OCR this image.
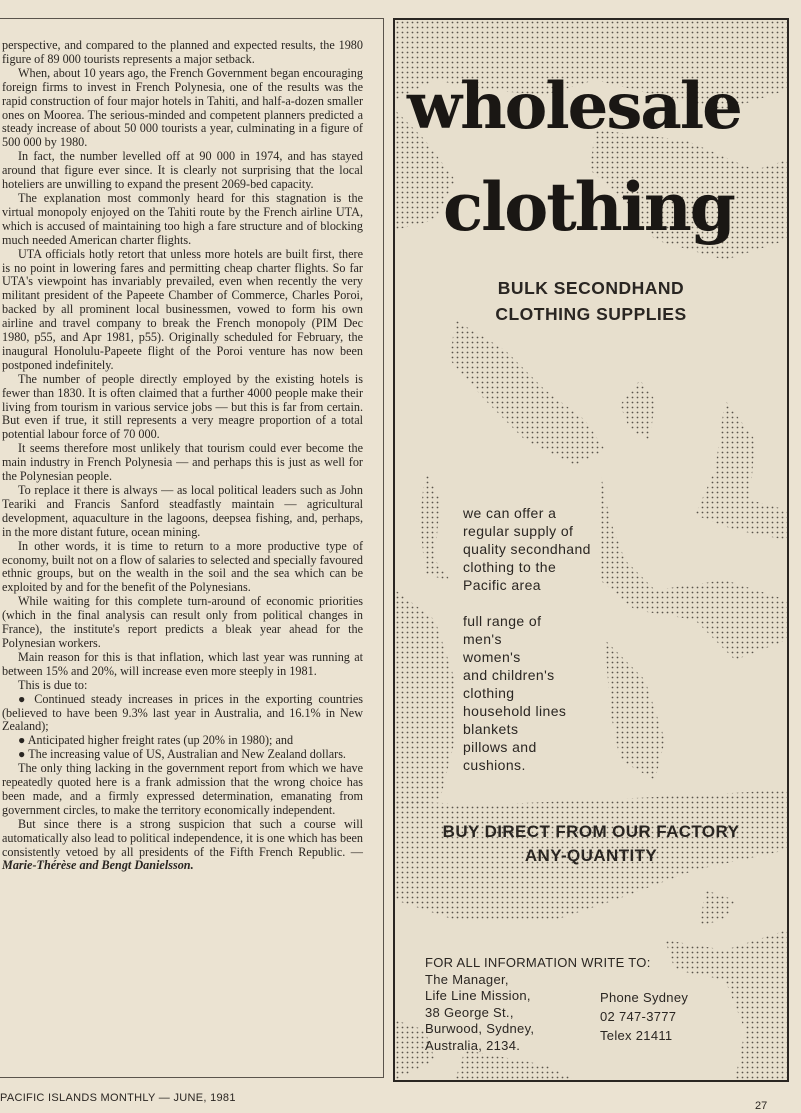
perspective, and compared to the planned and expected results, the 1980 figure of 89 000 tourists represents a major setback.

When, about 10 years ago, the French Government began encouraging foreign firms to invest in French Polynesia, one of the results was the rapid construction of four major hotels in Tahiti, and half-a-dozen smaller ones on Moorea. The serious-minded and competent planners predicted a steady increase of about 50 000 tourists a year, culminating in a figure of 500 000 by 1980.

In fact, the number levelled off at 90 000 in 1974, and has stayed around that figure ever since. It is clearly not surprising that the local hoteliers are unwilling to expand the present 2069-bed capacity.

The explanation most commonly heard for this stagnation is the virtual monopoly enjoyed on the Tahiti route by the French airline UTA, which is accused of maintaining too high a fare structure and of blocking much needed American charter flights.

UTA officials hotly retort that unless more hotels are built first, there is no point in lowering fares and permitting cheap charter flights. So far UTA's viewpoint has invariably prevailed, even when recently the very militant president of the Papeete Chamber of Commerce, Charles Poroi, backed by all prominent local businessmen, vowed to form his own airline and travel company to break the French monopoly (PIM Dec 1980, p55, and Apr 1981, p55). Originally scheduled for February, the inaugural Honolulu-Papeete flight of the Poroi venture has now been postponed indefinitely.

The number of people directly employed by the existing hotels is fewer than 1830. It is often claimed that a further 4000 people make their living from tourism in various service jobs — but this is far from certain. But even if true, it still represents a very meagre proportion of a total potential labour force of 70 000.

It seems therefore most unlikely that tourism could ever become the main industry in French Polynesia — and perhaps this is just as well for the Polynesian people.

To replace it there is always — as local political leaders such as John Teariki and Francis Sanford steadfastly maintain — agricultural development, aquaculture in the lagoons, deepsea fishing, and, perhaps, in the more distant future, ocean mining.

In other words, it is time to return to a more productive type of economy, built not on a flow of salaries to selected and specially favoured ethnic groups, but on the wealth in the soil and the sea which can be exploited by and for the benefit of the Polynesians.

While waiting for this complete turn-around of economic priorities (which in the final analysis can result only from political changes in France), the institute's report predicts a bleak year ahead for the Polynesian workers.

Main reason for this is that inflation, which last year was running at between 15% and 20%, will increase even more steeply in 1981.

This is due to:

● Continued steady increases in prices in the exporting countries (believed to have been 9.3% last year in Australia, and 16.1% in New Zealand);

● Anticipated higher freight rates (up 20% in 1980); and

● The increasing value of US, Australian and New Zealand dollars.

The only thing lacking in the government report from which we have repeatedly quoted here is a frank admission that the wrong choice has been made, and a firmly expressed determination, emanating from government circles, to make the territory economically independent.

But since there is a strong suspicion that such a course will automatically also lead to political independence, it is one which has been consistently vetoed by all presidents of the Fifth French Republic. — Marie-Thérèse and Bengt Danielsson.

wholesale
clothing
BULK SECONDHAND
CLOTHING SUPPLIES
we can offer a
regular supply of
quality secondhand
clothing to the
Pacific area
full range of
men's
women's
and children's
clothing
household lines
blankets
pillows and
cushions.
BUY DIRECT FROM OUR FACTORY
ANY-QUANTITY
FOR ALL INFORMATION WRITE TO:
The Manager,
Life Line Mission,
38 George St.,
Burwood, Sydney,
Australia, 2134.
Phone Sydney
02 747-3777
Telex 21411
PACIFIC ISLANDS MONTHLY — JUNE, 1981
27
